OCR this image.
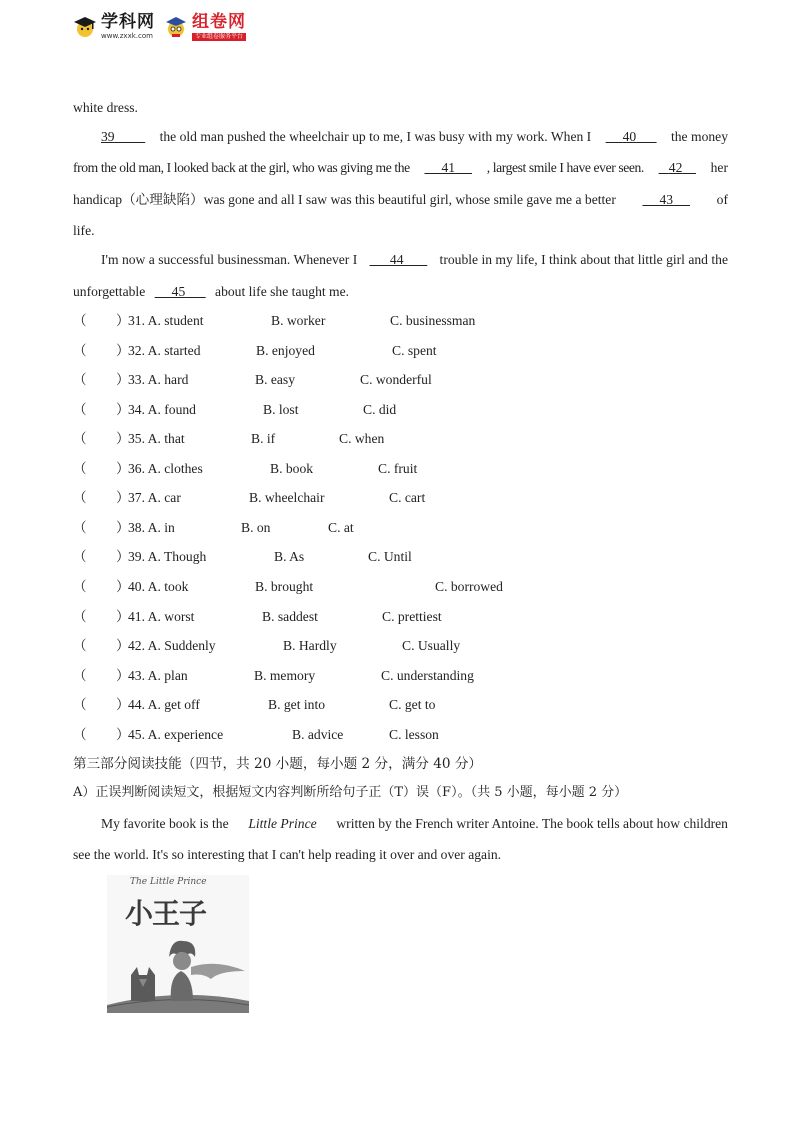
学科网
www.zxxk.com
组卷网
专业组卷服务平台
white dress.
39	the old man pushed the wheelchair up to me, I was busy with my work. When I	40	the money
from the old man, I looked back at the girl, who was giving me the	41	, largest smile I have ever seen.	42	her
handicap（心理缺陷）was gone and all I saw was this beautiful girl, whose smile gave me a better	43	of
life.
I'm now a successful businessman. Whenever I	44	trouble in my life, I think about that little girl and the
unforgettable 45 about life she taught me.
（ ）
31. A. student	B. worker	C. businessman
（ ）
32. A. started	B. enjoyed	C. spent
（ ）
33. A. hard	B. easy	C. wonderful
（ ）
34. A. found	B. lost	C. did
（ ）
35. A. that	B. if	C. when
（ ）
36. A. clothes	B. book	C. fruit
（ ）
37. A. car	B. wheelchair	C. cart
（ ）
38. A. in	B. on	C. at
（ ）
39. A. Though	B. As	C. Until
（ ）
40. A. took	B. brought	C. borrowed
（ ）
41. A. worst	B. saddest	C. prettiest
（ ）
42. A. Suddenly	B. Hardly	C. Usually
（ ）
43. A. plan	B. memory	C. understanding
（ ）
44. A. get off	B. get into	C. get to
（ ）
45. A. experience	B. advice	C. lesson
第三部分阅读技能（四节，共 20 小题，每小题 2 分，满分 40 分）
A）正误判断阅读短文，根据短文内容判断所给句子正（T）误（F）。（共 5 小题，每小题 2 分）
My favorite book is the Little Prince written by the French writer Antoine. The book tells about how children
see the world. It's so interesting that I can't help reading it over and over again.
The Little Prince
小王子
